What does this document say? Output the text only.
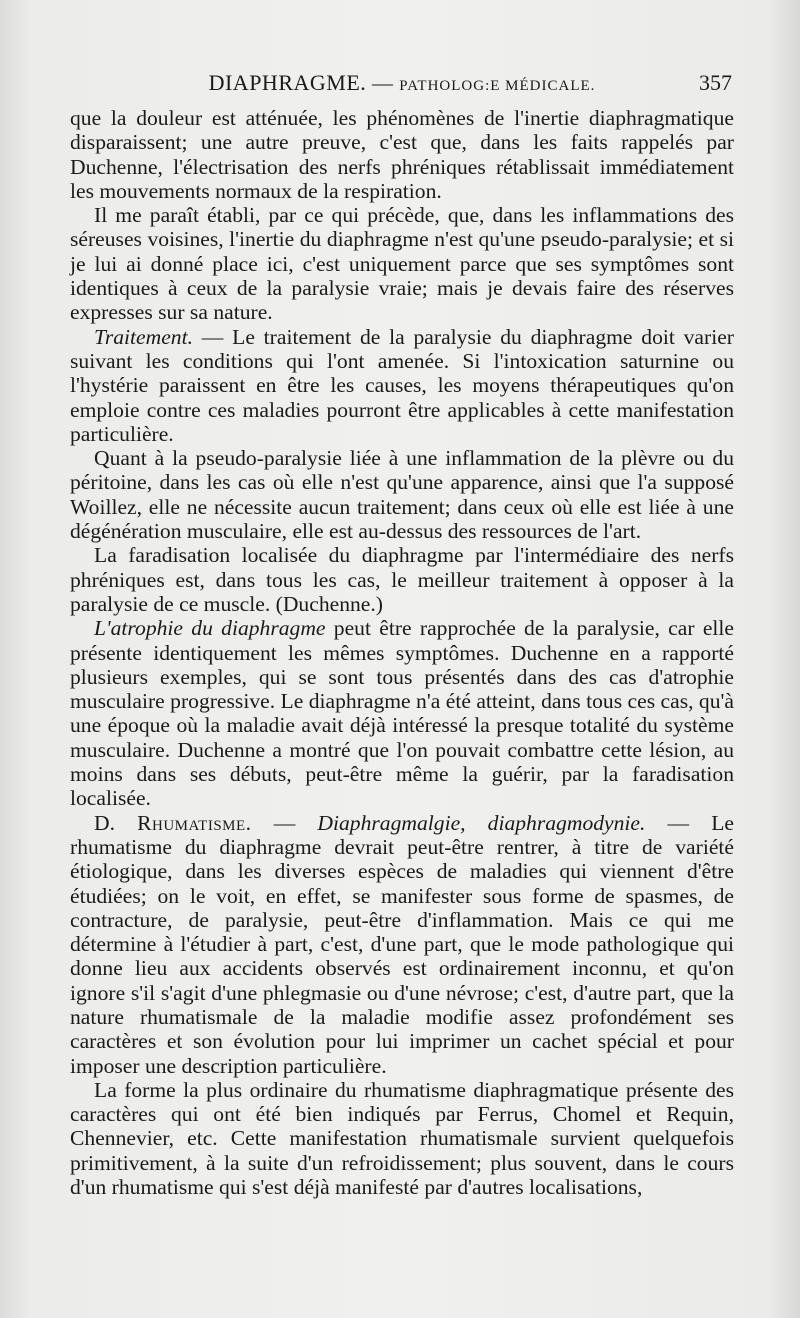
DIAPHRAGME. — PATHOLOG:E MÉDICALE.	357

que la douleur est atténuée, les phénomènes de l'inertie diaphragmatique disparaissent; une autre preuve, c'est que, dans les faits rappelés par Duchenne, l'électrisation des nerfs phréniques rétablissait immédiatement les mouvements normaux de la respiration.

Il me paraît établi, par ce qui précède, que, dans les inflammations des séreuses voisines, l'inertie du diaphragme n'est qu'une pseudo-paralysie; et si je lui ai donné place ici, c'est uniquement parce que ses symptômes sont identiques à ceux de la paralysie vraie; mais je devais faire des réserves expresses sur sa nature.

Traitement. — Le traitement de la paralysie du diaphragme doit varier suivant les conditions qui l'ont amenée. Si l'intoxication saturnine ou l'hystérie paraissent en être les causes, les moyens thérapeutiques qu'on emploie contre ces maladies pourront être applicables à cette manifestation particulière.

Quant à la pseudo-paralysie liée à une inflammation de la plèvre ou du péritoine, dans les cas où elle n'est qu'une apparence, ainsi que l'a supposé Woillez, elle ne nécessite aucun traitement; dans ceux où elle est liée à une dégénération musculaire, elle est au-dessus des ressources de l'art.

La faradisation localisée du diaphragme par l'intermédiaire des nerfs phréniques est, dans tous les cas, le meilleur traitement à opposer à la paralysie de ce muscle. (Duchenne.)

L'atrophie du diaphragme peut être rapprochée de la paralysie, car elle présente identiquement les mêmes symptômes. Duchenne en a rapporté plusieurs exemples, qui se sont tous présentés dans des cas d'atrophie musculaire progressive. Le diaphragme n'a été atteint, dans tous ces cas, qu'à une époque où la maladie avait déjà intéressé la presque totalité du système musculaire. Duchenne a montré que l'on pouvait combattre cette lésion, au moins dans ses débuts, peut-être même la guérir, par la faradisation localisée.

D. Rhumatisme. — Diaphragmalgie, diaphragmodynie. — Le rhumatisme du diaphragme devrait peut-être rentrer, à titre de variété étiologique, dans les diverses espèces de maladies qui viennent d'être étudiées; on le voit, en effet, se manifester sous forme de spasmes, de contracture, de paralysie, peut-être d'inflammation. Mais ce qui me détermine à l'étudier à part, c'est, d'une part, que le mode pathologique qui donne lieu aux accidents observés est ordinairement inconnu, et qu'on ignore s'il s'agit d'une phlegmasie ou d'une névrose; c'est, d'autre part, que la nature rhumatismale de la maladie modifie assez profondément ses caractères et son évolution pour lui imprimer un cachet spécial et pour imposer une description particulière.

La forme la plus ordinaire du rhumatisme diaphragmatique présente des caractères qui ont été bien indiqués par Ferrus, Chomel et Requin, Chennevier, etc. Cette manifestation rhumatismale survient quelquefois primitivement, à la suite d'un refroidissement; plus souvent, dans le cours d'un rhumatisme qui s'est déjà manifesté par d'autres localisations,
